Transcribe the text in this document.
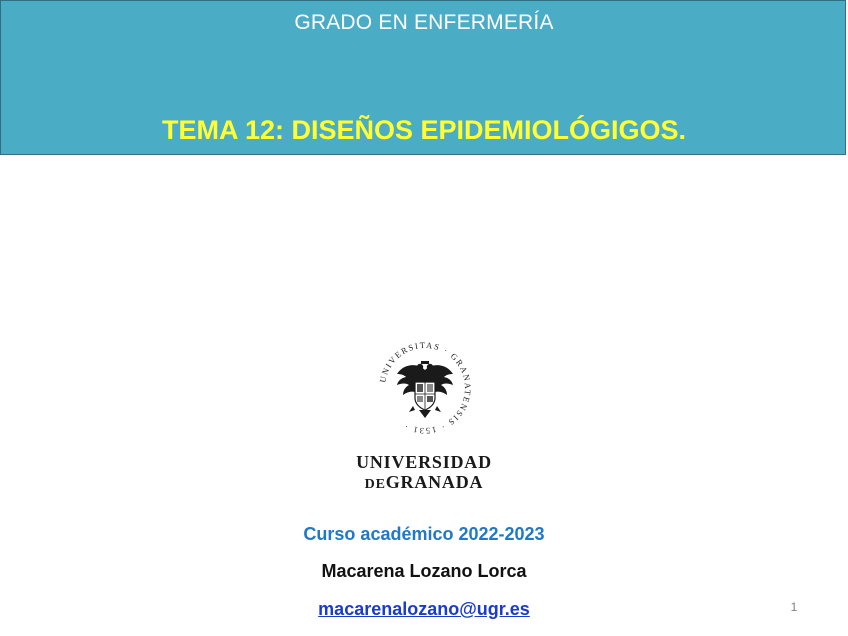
GRADO EN ENFERMERÍA
TEMA 12: DISEÑOS EPIDEMIOLÓGIGOS.
UNIVERSITAS · GRANATENSIS · 1531 ·
UNIVERSIDAD
DEGRANADA
Curso académico 2022-2023
Macarena Lozano Lorca
macarenalozano@ugr.es	1
